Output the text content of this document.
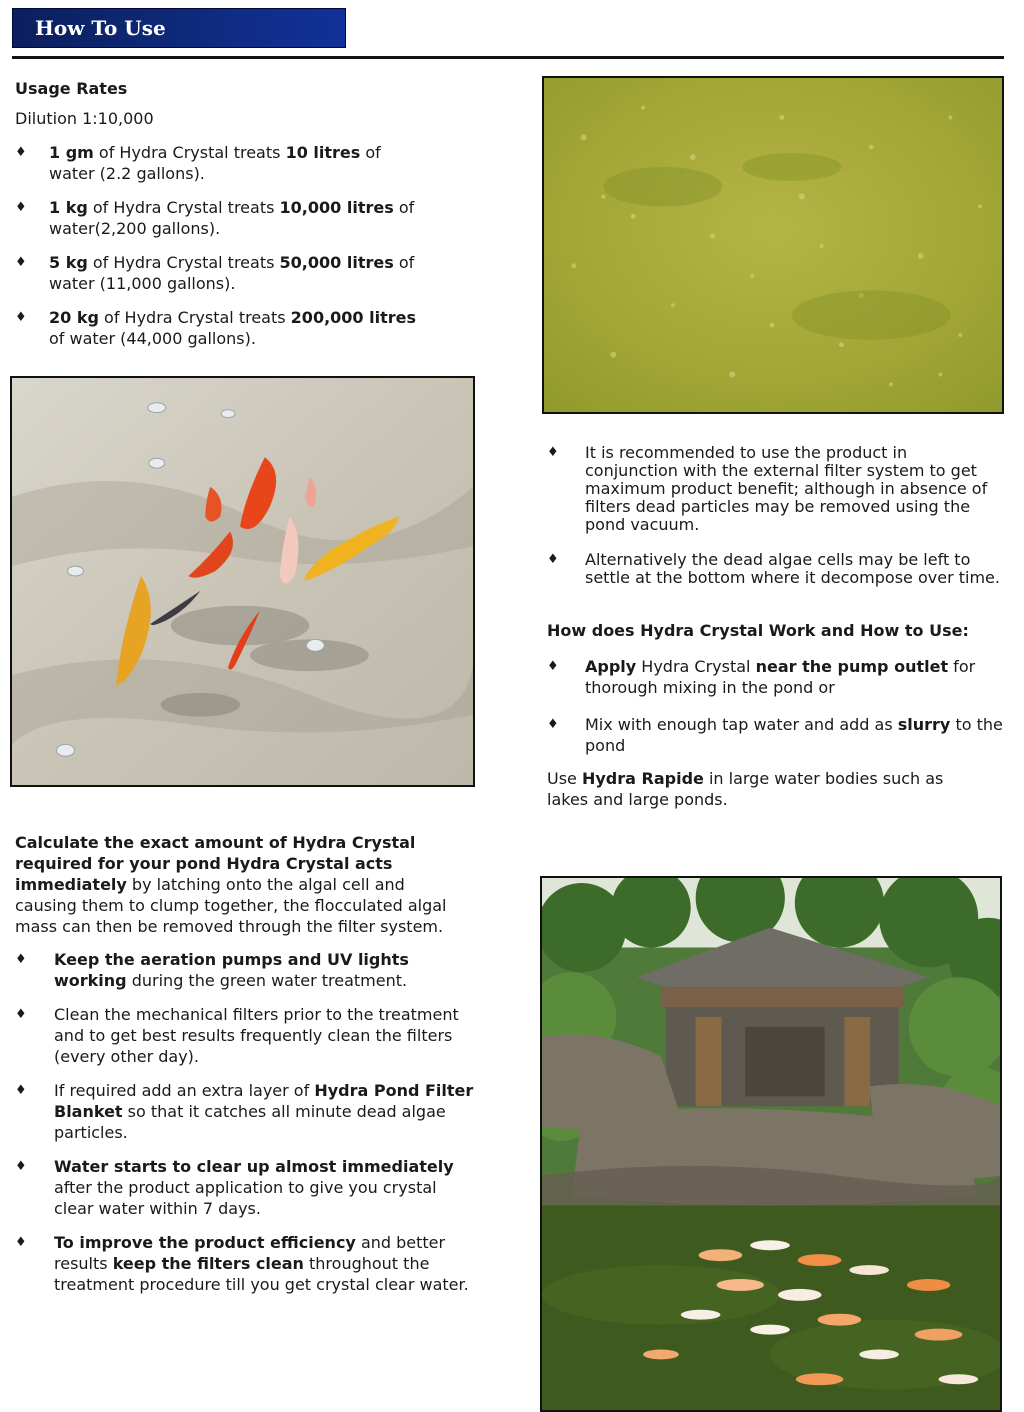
How To Use
Usage Rates
Dilution 1:10,000
♦ 1 gm of Hydra Crystal treats 10 litres of water (2.2 gallons).
♦ 1 kg of Hydra Crystal treats 10,000 litres of water(2,200 gallons).
♦ 5 kg of Hydra Crystal treats 50,000 litres of water (11,000 gallons).
♦ 20 kg of Hydra Crystal treats 200,000 litres of water (44,000 gallons).
♦ It is recommended to use the product in conjunction with the external filter system to get maximum product benefit; although in absence of filters dead particles may be removed using the pond vacuum.
♦ Alternatively the dead algae cells may be left to settle at the bottom where it decompose over time.
How does Hydra Crystal Work and How to Use:
♦ Apply Hydra Crystal near the pump outlet for thorough mixing in the pond or
♦ Mix with enough tap water and add as slurry to the pond
Use Hydra Rapide in large water bodies such as lakes and large ponds.
Calculate the exact amount of Hydra Crystal required for your pond Hydra Crystal acts immediately by latching onto the algal cell and causing them to clump together, the flocculated algal mass can then be removed through the filter system.
♦ Keep the aeration pumps and UV lights working during the green water treatment.
♦ Clean the mechanical filters prior to the treatment and to get best results frequently clean the filters (every other day).
♦ If required add an extra layer of Hydra Pond Filter Blanket so that it catches all minute dead algae particles.
♦ Water starts to clear up almost immediately after the product application to give you crystal clear water within 7 days.
♦ To improve the product efficiency and better results keep the filters clean throughout the treatment procedure till you get crystal clear water.
